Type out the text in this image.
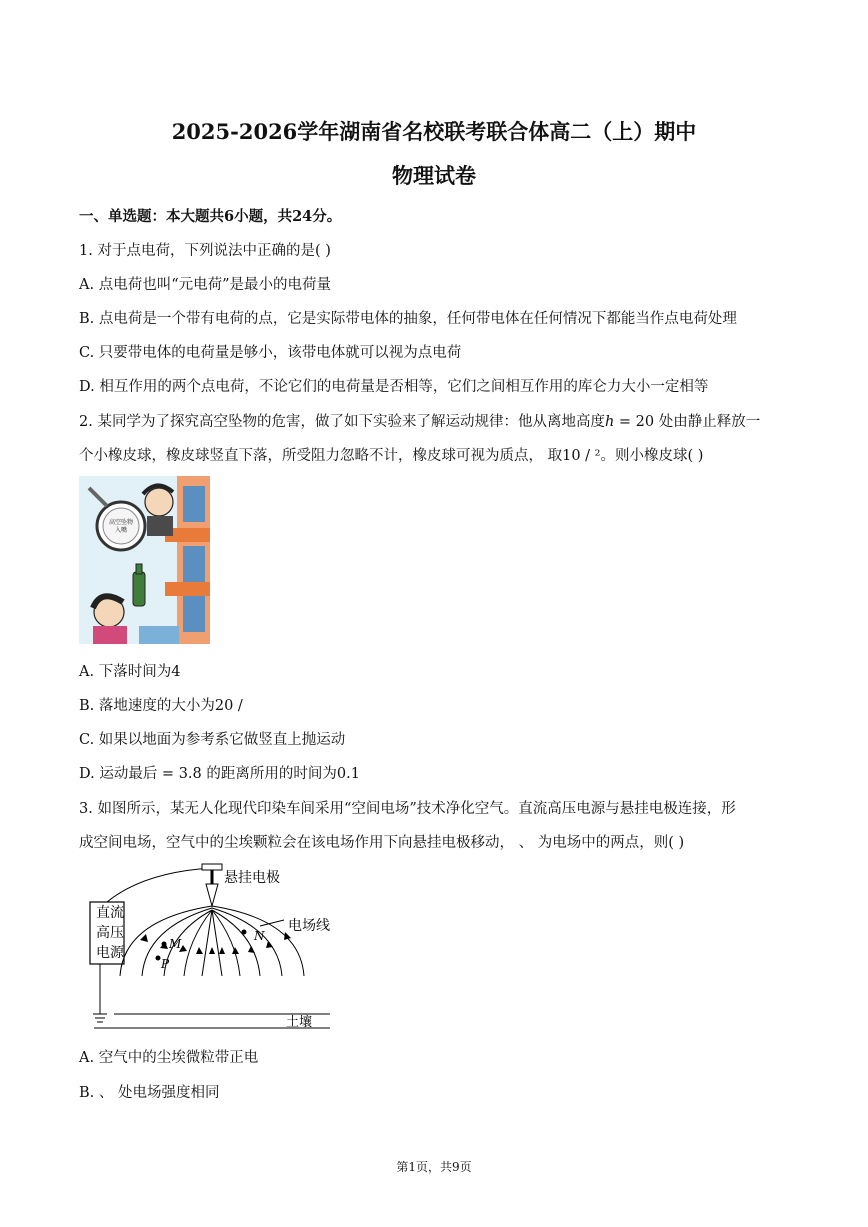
2025-2026学年湖南省名校联考联合体高二（上）期中
物理试卷
一、单选题：本大题共6小题，共24分。
1. 对于点电荷，下列说法中正确的是( )
A. 点电荷也叫“元电荷”是最小的电荷量
B. 点电荷是一个带有电荷的点，它是实际带电体的抽象，任何带电体在任何情况下都能当作点电荷处理
C. 只要带电体的电荷量是够小，该带电体就可以视为点电荷
D. 相互作用的两个点电荷，不论它们的电荷量是否相等，它们之间相互作用的库仑力大小一定相等
2. 某同学为了探究高空坠物的危害，做了如下实验来了解运动规律：他从离地高度ℎ = 20 处由静止释放一
个小橡皮球，橡皮球竖直下落，所受阻力忽略不计，橡皮球可视为质点， 取10 / ²。则小橡皮球( )
高空坠物
入嘴
A. 下落时间为4
B. 落地速度的大小为20 /
C. 如果以地面为参考系它做竖直上抛运动
D. 运动最后 = 3.8 的距离所用的时间为0.1
3. 如图所示，某无人化现代印染车间采用“空间电场”技术净化空气。直流高压电源与悬挂电极连接，形
成空间电场，空气中的尘埃颗粒会在该电场作用下向悬挂电极移动， 、 为电场中的两点，则( )
直 流
高 压
电 源
悬挂电极
M
P
N
电场线
土壤
A. 空气中的尘埃微粒带正电
B. 、 处电场强度相同
第1页，共9页
